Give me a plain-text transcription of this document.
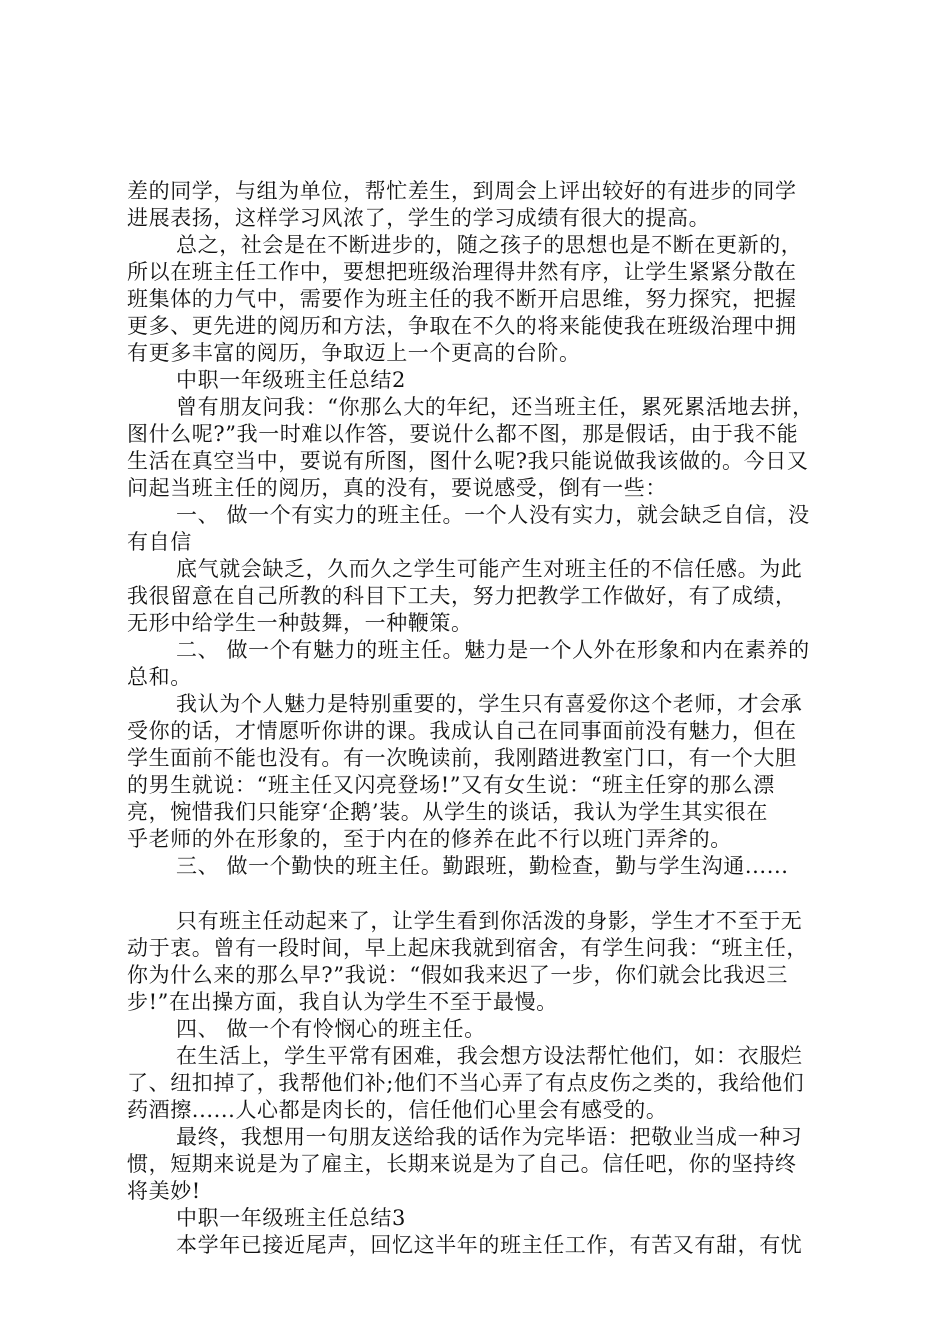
差的同学，与组为单位，帮忙差生，到周会上评出较好的有进步的同学
进展表扬，这样学习风浓了，学生的学习成绩有很大的提高。
总之，社会是在不断进步的，随之孩子的思想也是不断在更新的，
所以在班主任工作中，要想把班级治理得井然有序，让学生紧紧分散在
班集体的力气中，需要作为班主任的我不断开启思维，努力探究，把握
更多、更先进的阅历和方法，争取在不久的将来能使我在班级治理中拥
有更多丰富的阅历，争取迈上一个更高的台阶。
中职一年级班主任总结2
曾有朋友问我：“你那么大的年纪，还当班主任，累死累活地去拼，
图什么呢?”我一时难以作答，要说什么都不图，那是假话，由于我不能
生活在真空当中，要说有所图，图什么呢?我只能说做我该做的。今日又
问起当班主任的阅历，真的没有，要说感受，倒有一些：
一、 做一个有实力的班主任。一个人没有实力，就会缺乏自信，没
有自信
底气就会缺乏，久而久之学生可能产生对班主任的不信任感。为此
我很留意在自己所教的科目下工夫，努力把教学工作做好，有了成绩，
无形中给学生一种鼓舞，一种鞭策。
二、 做一个有魅力的班主任。魅力是一个人外在形象和内在素养的
总和。
我认为个人魅力是特别重要的，学生只有喜爱你这个老师，才会承
受你的话，才情愿听你讲的课。我成认自己在同事面前没有魅力，但在
学生面前不能也没有。有一次晚读前，我刚踏进教室门口，有一个大胆
的男生就说：“班主任又闪亮登场!”又有女生说：“班主任穿的那么漂
亮，惋惜我们只能穿‘企鹅’装。从学生的谈话，我认为学生其实很在
乎老师的外在形象的，至于内在的修养在此不行以班门弄斧的。
三、 做一个勤快的班主任。勤跟班，勤检查，勤与学生沟通......
只有班主任动起来了，让学生看到你活泼的身影，学生才不至于无
动于衷。曾有一段时间，早上起床我就到宿舍，有学生问我：“班主任，
你为什么来的那么早?”我说：“假如我来迟了一步，你们就会比我迟三
步!”在出操方面，我自认为学生不至于最慢。
四、 做一个有怜悯心的班主任。
在生活上，学生平常有困难，我会想方设法帮忙他们，如：衣服烂
了、纽扣掉了，我帮他们补;他们不当心弄了有点皮伤之类的，我给他们
药酒擦......人心都是肉长的，信任他们心里会有感受的。
最终，我想用一句朋友送给我的话作为完毕语：把敬业当成一种习
惯，短期来说是为了雇主，长期来说是为了自己。信任吧，你的坚持终
将美妙!
中职一年级班主任总结3
本学年已接近尾声，回忆这半年的班主任工作，有苦又有甜，有忧
